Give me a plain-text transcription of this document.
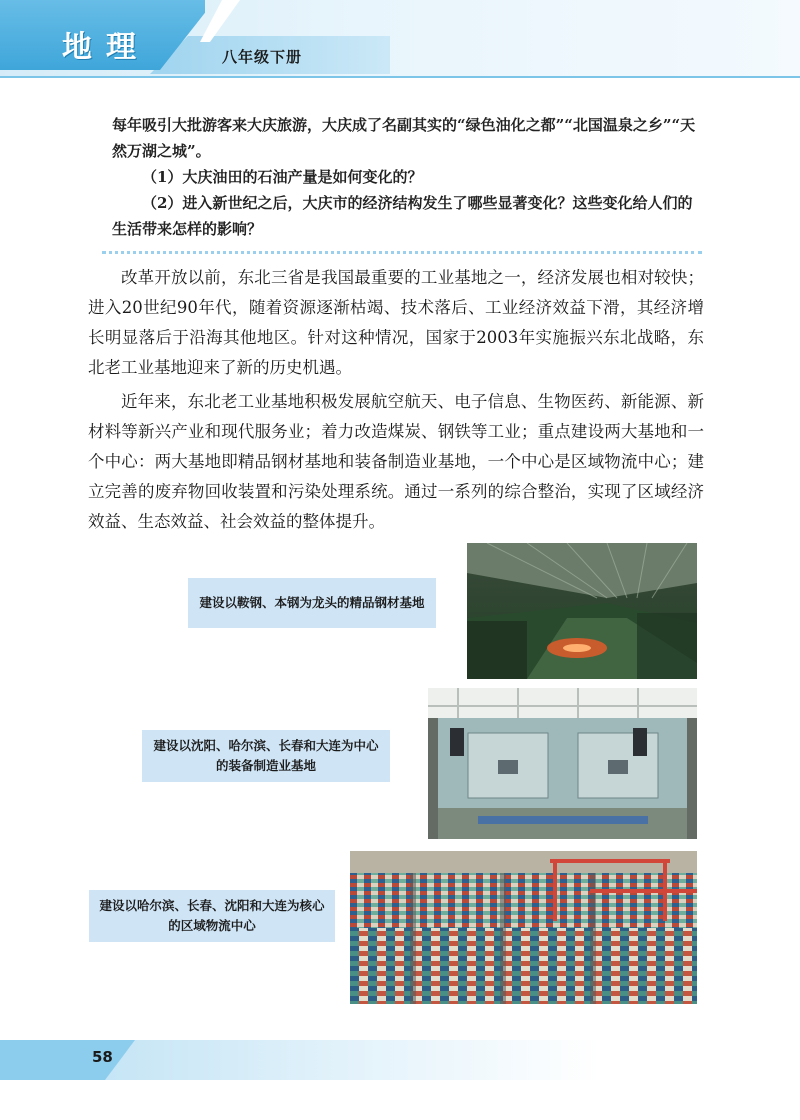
地理	八年级下册

每年吸引大批游客来大庆旅游，大庆成了名副其实的“绿色油化之都”“北国温泉之乡”“天然万湖之城”。

（1）大庆油田的石油产量是如何变化的？

（2）进入新世纪之后，大庆市的经济结构发生了哪些显著变化？这些变化给人们的生活带来怎样的影响？

改革开放以前，东北三省是我国最重要的工业基地之一，经济发展也相对较快；进入20世纪90年代，随着资源逐渐枯竭、技术落后、工业经济效益下滑，其经济增长明显落后于沿海其他地区。针对这种情况，国家于2003年实施振兴东北战略，东北老工业基地迎来了新的历史机遇。

近年来，东北老工业基地积极发展航空航天、电子信息、生物医药、新能源、新材料等新兴产业和现代服务业；着力改造煤炭、钢铁等工业；重点建设两大基地和一个中心：两大基地即精品钢材基地和装备制造业基地，一个中心是区域物流中心；建立完善的废弃物回收装置和污染处理系统。通过一系列的综合整治，实现了区域经济效益、生态效益、社会效益的整体提升。

建设以鞍钢、本钢为龙头的精品钢材基地
建设以沈阳、哈尔滨、长春和大连为中心的装备制造业基地
建设以哈尔滨、长春、沈阳和大连为核心的区域物流中心
58
